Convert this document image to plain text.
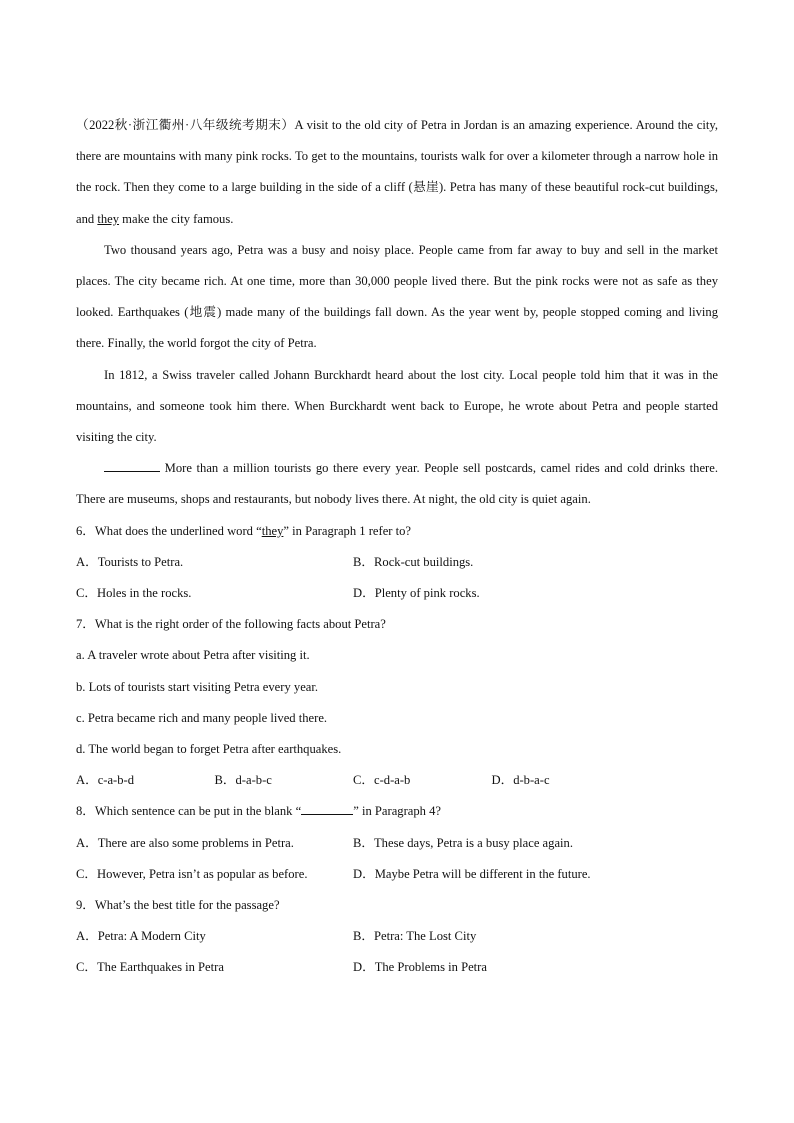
（2022秋·浙江衢州·八年级统考期末）A visit to the old city of Petra in Jordan is an amazing experience. Around the city, there are mountains with many pink rocks. To get to the mountains, tourists walk for over a kilometer through a narrow hole in the rock. Then they come to a large building in the side of a cliff (悬崖). Petra has many of these beautiful rock-cut buildings, and they make the city famous.

Two thousand years ago, Petra was a busy and noisy place. People came from far away to buy and sell in the market places. The city became rich. At one time, more than 30,000 people lived there. But the pink rocks were not as safe as they looked. Earthquakes (地震) made many of the buildings fall down. As the year went by, people stopped coming and living there. Finally, the world forgot the city of Petra.

In 1812, a Swiss traveler called Johann Burckhardt heard about the lost city. Local people told him that it was in the mountains, and someone took him there. When Burckhardt went back to Europe, he wrote about Petra and people started visiting the city.

More than a million tourists go there every year. People sell postcards, camel rides and cold drinks there. There are museums, shops and restaurants, but nobody lives there. At night, the old city is quiet again.

6．What does the underlined word “they” in Paragraph 1 refer to?

A．Tourists to Petra.	B．Rock-cut buildings.
C．Holes in the rocks.	D．Plenty of pink rocks.

7．What is the right order of the following facts about Petra?

a. A traveler wrote about Petra after visiting it.

b. Lots of tourists start visiting Petra every year.

c. Petra became rich and many people lived there.

d. The world began to forget Petra after earthquakes.

A．c-a-b-d	B．d-a-b-c	C．c-d-a-b	D．d-b-a-c

8．Which sentence can be put in the blank “	” in Paragraph 4?

A．There are also some problems in Petra.	B．These days, Petra is a busy place again.
C．However, Petra isn’t as popular as before.	D．Maybe Petra will be different in the future.

9．What’s the best title for the passage?

A．Petra: A Modern City	B．Petra: The Lost City
C．The Earthquakes in Petra	D．The Problems in Petra
